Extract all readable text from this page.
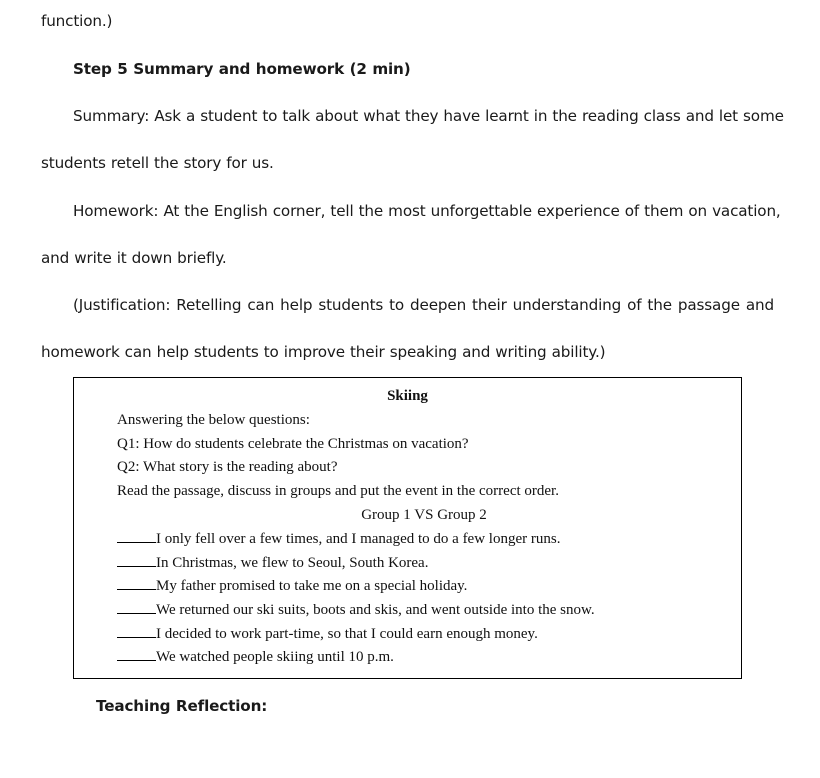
function.)
Step 5 Summary and homework (2 min)
Summary: Ask a student to talk about what they have learnt in the reading class and let some
students retell the story for us.
Homework: At the English corner, tell the most unforgettable experience of them on vacation,
and write it down briefly.
(Justification: Retelling can help students to deepen their understanding of the passage and
homework can help students to improve their speaking and writing ability.)
Skiing
Answering the below questions:
Q1: How do students celebrate the Christmas on vacation?
Q2: What story is the reading about?
Read the passage, discuss in groups and put the event in the correct order.
Group 1 VS Group 2
I only fell over a few times, and I managed to do a few longer runs.
In Christmas, we flew to Seoul, South Korea.
My father promised to take me on a special holiday.
We returned our ski suits, boots and skis, and went outside into the snow.
I decided to work part-time, so that I could earn enough money.
We watched people skiing until 10 p.m.
Teaching Reflection:
